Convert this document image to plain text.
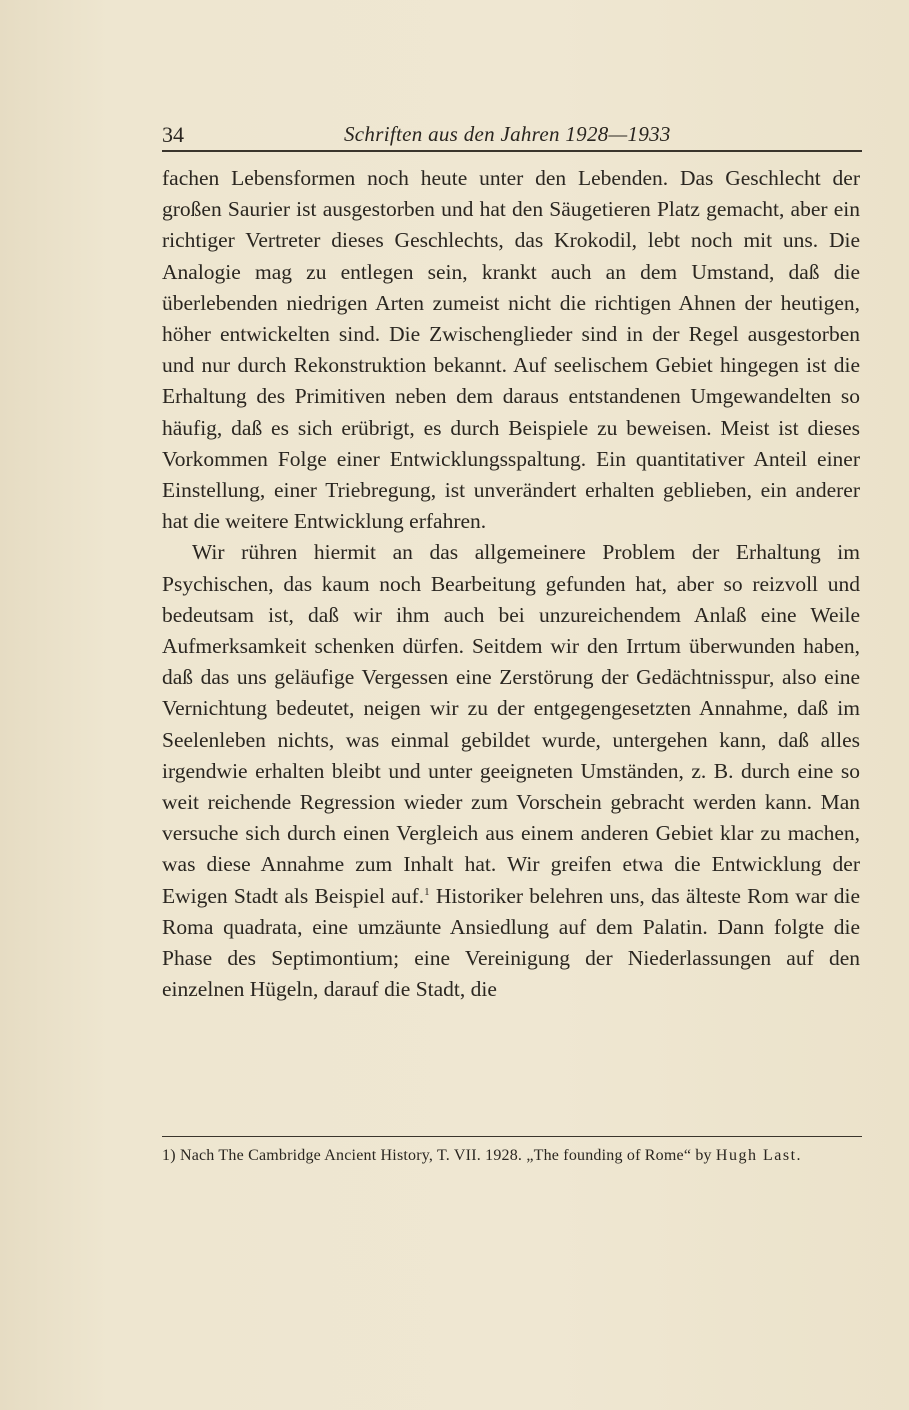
34	Schriften aus den Jahren 1928—1933

fachen Lebensformen noch heute unter den Lebenden. Das Geschlecht der großen Saurier ist ausgestorben und hat den Säugetieren Platz gemacht, aber ein richtiger Vertreter dieses Geschlechts, das Krokodil, lebt noch mit uns. Die Analogie mag zu entlegen sein, krankt auch an dem Umstand, daß die überlebenden niedrigen Arten zumeist nicht die richtigen Ahnen der heutigen, höher entwickelten sind. Die Zwischenglieder sind in der Regel ausgestorben und nur durch Rekonstruktion bekannt. Auf seelischem Gebiet hingegen ist die Erhaltung des Primitiven neben dem daraus entstandenen Umgewandelten so häufig, daß es sich erübrigt, es durch Beispiele zu beweisen. Meist ist dieses Vorkommen Folge einer Entwicklungsspaltung. Ein quantitativer Anteil einer Einstellung, einer Triebregung, ist unverändert erhalten geblieben, ein anderer hat die weitere Entwicklung erfahren.

Wir rühren hiermit an das allgemeinere Problem der Erhaltung im Psychischen, das kaum noch Bearbeitung gefunden hat, aber so reizvoll und bedeutsam ist, daß wir ihm auch bei unzureichendem Anlaß eine Weile Aufmerksamkeit schenken dürfen. Seitdem wir den Irrtum überwunden haben, daß das uns geläufige Vergessen eine Zerstörung der Gedächtnisspur, also eine Vernichtung bedeutet, neigen wir zu der entgegengesetzten Annahme, daß im Seelenleben nichts, was einmal gebildet wurde, untergehen kann, daß alles irgendwie erhalten bleibt und unter geeigneten Umständen, z. B. durch eine so weit reichende Regression wieder zum Vorschein gebracht werden kann. Man versuche sich durch einen Vergleich aus einem anderen Gebiet klar zu machen, was diese Annahme zum Inhalt hat. Wir greifen etwa die Entwicklung der Ewigen Stadt als Beispiel auf.$^1$ Historiker belehren uns, das älteste Rom war die Roma quadrata, eine umzäunte Ansiedlung auf dem Palatin. Dann folgte die Phase des Septimontium; eine Vereinigung der Niederlassungen auf den einzelnen Hügeln, darauf die Stadt, die

1) Nach The Cambridge Ancient History, T. VII. 1928. „The founding of Rome“ by Hugh Last.
